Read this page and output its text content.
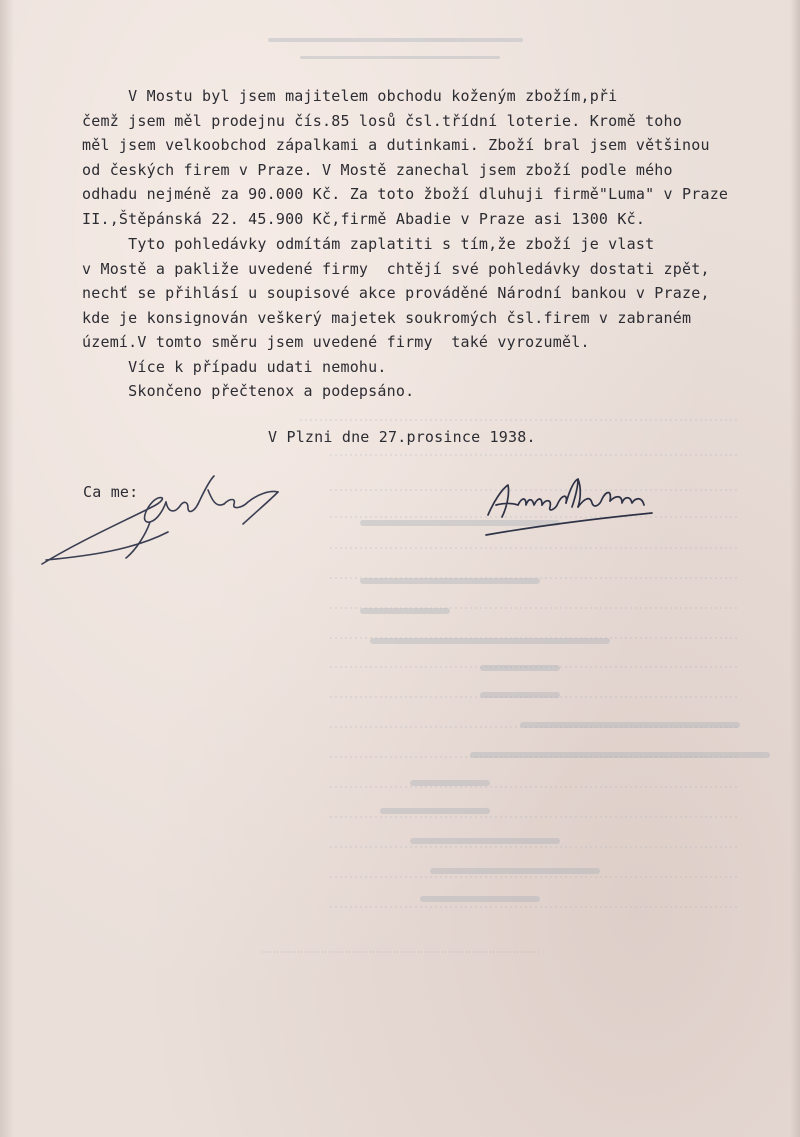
V Mostu byl jsem majitelem obchodu koženým zbožím,při
čemž jsem měl prodejnu čís.85 losů čsl.třídní loterie. Kromě toho
měl jsem velkoobchod zápalkami a dutinkami. Zboží bral jsem většinou
od českých firem v Praze. V Mostě zanechal jsem zboží podle mého
odhadu nejméně za 90.000 Kč. Za toto žboží dluhuji firmě"Luma" v Praze
II.,Štěpánská 22. 45.900 Kč,firmě Abadie v Praze asi 1300 Kč.
Tyto pohledávky odmítám zaplatiti s tím,že zboží je vlast
v Mostě a pakliže uvedené firmy  chtějí své pohledávky dostati zpět,
nechť se přihlásí u soupisové akce prováděné Národní bankou v Praze,
kde je konsignován veškerý majetek soukromých čsl.firem v zabraném
území.V tomto směru jsem uvedené firmy  také vyrozuměl.
Více k případu udati nemohu.
Skončeno přečtenox a podepsáno.
V Plzni dne 27.prosince 1938.
Ca me:
